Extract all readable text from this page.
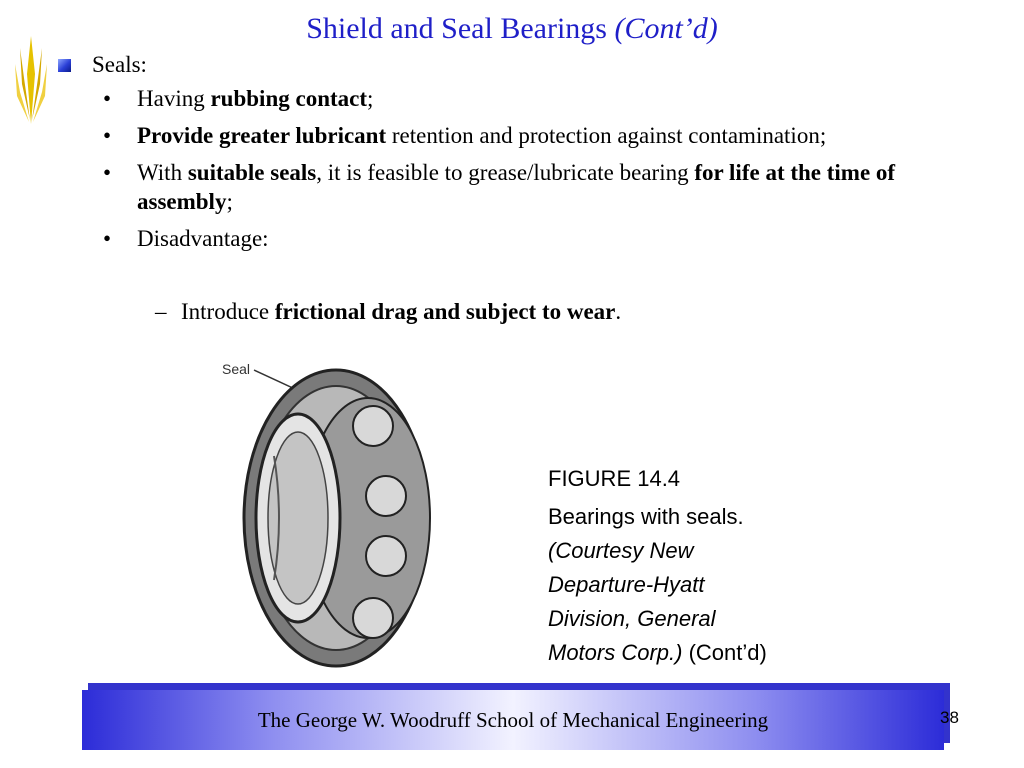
Shield and Seal Bearings (Cont’d)
Seals:
• Having rubbing contact;
• Provide greater lubricant retention and protection against contamination;
• With suitable seals, it is feasible to grease/lubricate bearing for life at the time of assembly;
• Disadvantage:
– Introduce frictional drag and subject to wear.
Seal
FIGURE 14.4
Bearings with seals.
(Courtesy New
Departure-Hyatt
Division, General
Motors Corp.) (Cont’d)
The George W. Woodruff School of Mechanical Engineering	38
